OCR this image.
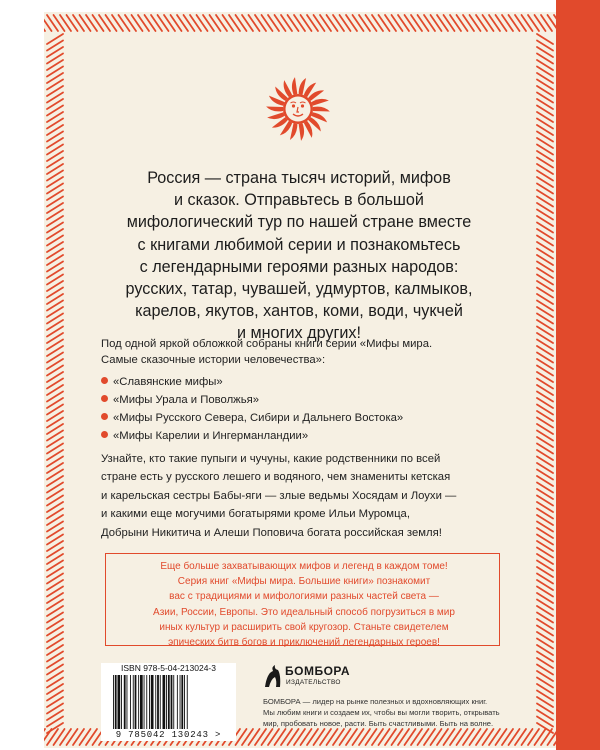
Россия — страна тысяч историй, мифов
и сказок. Отправьтесь в большой
мифологический тур по нашей стране вместе
с книгами любимой серии и познакомьтесь
с легендарными героями разных народов:
русских, татар, чувашей, удмуртов, калмыков,
карелов, якутов, хантов, коми, води, чукчей
и многих других!
Под одной яркой обложкой собраны книги серии «Мифы мира.
Самые сказочные истории человечества»:
«Славянские мифы»
«Мифы Урала и Поволжья»
«Мифы Русского Севера, Сибири и Дальнего Востока»
«Мифы Карелии и Ингерманландии»
Узнайте, кто такие пупыги и чучуны, какие родственники по всей
стране есть у русского лешего и водяного, чем знамениты кетская
и карельская сестры Бабы-яги — злые ведьмы Хосядам и Лоухи —
и какими еще могучими богатырями кроме Ильи Муромца,
Добрыни Никитича и Алеши Поповича богата российская земля!
Еще больше захватывающих мифов и легенд в каждом томе!
Серия книг «Мифы мира. Большие книги» познакомит
вас с традициями и мифологиями разных частей света —
Азии, России, Европы. Это идеальный способ погрузиться в мир
иных культур и расширить свой кругозор. Станьте свидетелем
эпических битв богов и приключений легендарных героев!
ISBN 978-5-04-213024-3
9 785042 130243 >
БОМБОРА
ИЗДАТЕЛЬСТВО
БОМБОРА — лидер на рынке полезных и вдохновляющих книг.
Мы любим книги и создаем их, чтобы вы могли творить, открывать
мир, пробовать новое, расти. Быть счастливыми. Быть на волне.
